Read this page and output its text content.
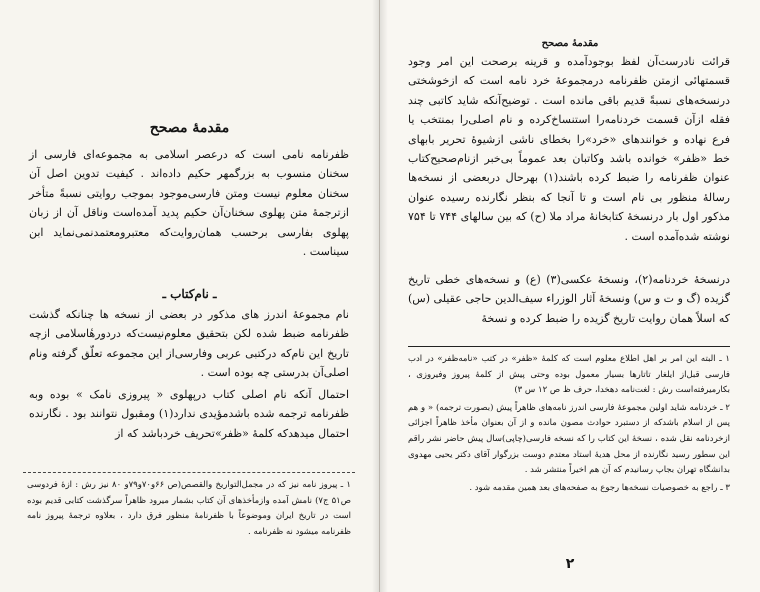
مقدمهٔ مصحح

ظفرنامه نامی است که درعصر اسلامی به مجموعه‌ای فارسی از سخنان منسوب به بزرگمهر حکیم داده‌اند . کیفیت تدوین اصل آن سخنان معلوم نیست ومتن فارسی‌موجود بموجب روایتی نسبةً متأخر ازترجمهٔ متن پهلوی سخنان‌آن حکیم پدید آمده‌است وناقل آن از زبان پهلوی بفارسی برحسب همان‌روایت‌که معتبرومعتمدنمی‌نماید ابن سیناست .

ـ نام‌کتاب ـ

نام مجموعهٔ اندرز های مذکور در بعضی از نسخه ها چنانکه گذشت ظفرنامه ضبط شده لکن بتحقیق معلوم‌نیست‌که دردورهٔاسلامی ازچه تاریخ این نام‌که درکتبی عربی وفارسی‌از این مجموعه تعلّق گرفته ونام اصلی‌آن بدرستی چه بوده است .

احتمال آنکه نام اصلی کتاب درپهلوی « پیروزی نامک » بوده وبه ظفرنامه ترجمه شده باشدمؤیدی ندارد(۱) ومقبول نتوانند بود . نگارنده احتمال میدهدکه کلمهٔ «ظفر»تحریف خردباشد که از

۱ ـ پیروز نامه نیز که در مجمل‌التواریخ والقصص(ص ۶۶و۷۰و۷۹و ۸۰ نیز رش : ازهٔ فردوسی ص۵۱ ج۷) نامش آمده وازمأخذهای آن کتاب بشمار میرود ظاهراً سرگذشت کتابی قدیم بوده است در تاریخ ایران وموضوعاً با ظفرنامهٔ منظور فرق دارد ، بعلاوه ترجمهٔ پیروز نامه ظفرنامه میشود نه ظفرنامه .

مقدمهٔ مصحح

قرائت نادرست‌آن لفظ بوجودآمده و قرینه برصحت این امر وجود قسمتهائی ازمتن ظفرنامه درمجموعهٔ خرد نامه است که ازخوشختی درنسخه‌های نسبةً قدیم باقی مانده است . توضیح‌آنکه شاید کاتبی چند فقله ازآن قسمت خردنامه‌را استنساخ‌کرده و نام اصلی‌را بمنتخب یا فرع نهاده و خوانندهای «خرد»را بخطای ناشی ازشیوهٔ تحریر بابهای خط «ظفر» خوانده باشد وکاتبان بعد عموماً بی‌خبر ازنام‌صحیح‌کتاب عنوان ظفرنامه را ضبط کرده باشند(۱) بهرحال دربعضی از نسخه‌ها رسالهٔ منظور بی نام است و تا آنجا که بنظر نگارنده رسیده عنوان مذکور اول بار درنسخهٔ کتابخانهٔ مراد ملا (ح) که بین سالهای ۷۴۴ تا ۷۵۴ نوشته شده‌آمده است .

درنسخهٔ خردنامه(۲)، ونسخهٔ عکسی(۳) (ع) و نسخه‌های خطی تاریخ گزیده (گ و ت و س) ونسخهٔ آثار الوزراء سیف‌الدین حاجی عقیلی (س) که اسلاً همان روایت تاریخ گزیده را ضبط کرده و نسخهٔ

۱ ـ البته این امر بر اهل اطلاع معلوم است که کلمهٔ «ظفر» در کتب «نامه‌ظفر» در ادب فارسی قبل‌از ایلغار تاتارها بسیار معمول بوده وحتی پیش از کلمهٔ پیروز وفیروزی ، بکارمیرفته‌است رش : لغت‌نامه دهخدا، حرف ظ ص ۱۲ س ۳)

۲ ـ خردنامه شاید اولین مجموعهٔ فارسی اندرز نامه‌های ظاهراً پیش (بصورت ترجمه) « و هم پس از اسلام باشدکه از دستبرد حوادث مصون مانده و از آن بعنوان مأخذ ظاهراً اجزائی ازخردنامه نقل شده ، نسخهٔ این کتاب را که نسخه فارسی(چاپی)سال پیش حاضر نشر راقم این سطور رسید نگارنده از محل هدیهٔ استاد معتدم دوست بزرگوار آقای دکتر یحیی مهدوی بدانشگاه تهران بجاپ رسانیدم که آن هم اخیراً منتشر شد .

۳ ـ راجع به خصوصیات نسخه‌ها رجوع به صفحه‌های بعد همین مقدمه شود .

۲
